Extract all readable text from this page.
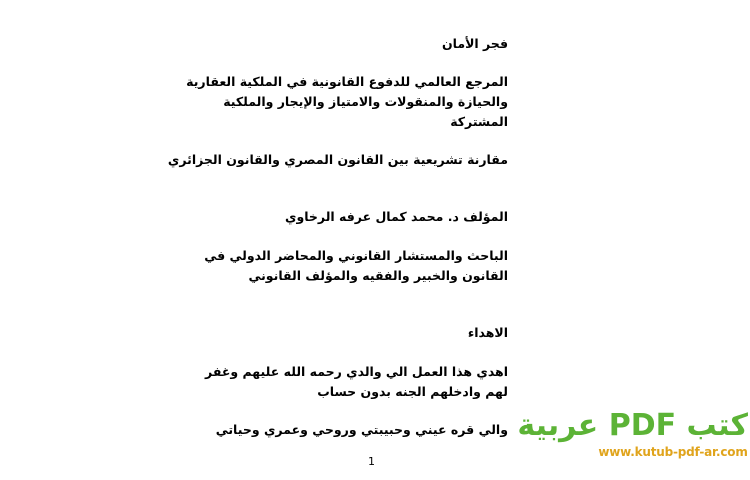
فجر الأمان
المرجع العالمي للدفوع القانونية في الملكية العقارية
والحيازة والمنقولات والامتياز والإيجار والملكية
المشتركة
مقارنة تشريعية بين القانون المصري والقانون الجزائري
المؤلف د. محمد كمال عرفه الرخاوي
الباحث والمستشار القانوني والمحاضر الدولي في
القانون والخبير والفقيه والمؤلف القانوني
الاهداء
اهدي هذا العمل الي والدي رحمه الله عليهم وغفر
لهم وادخلهم الجنه بدون حساب
والي قره عيني وحبيبتي وروحي وعمري وحياتي
1
كتب PDF عربية
www.kutub-pdf-ar.com
